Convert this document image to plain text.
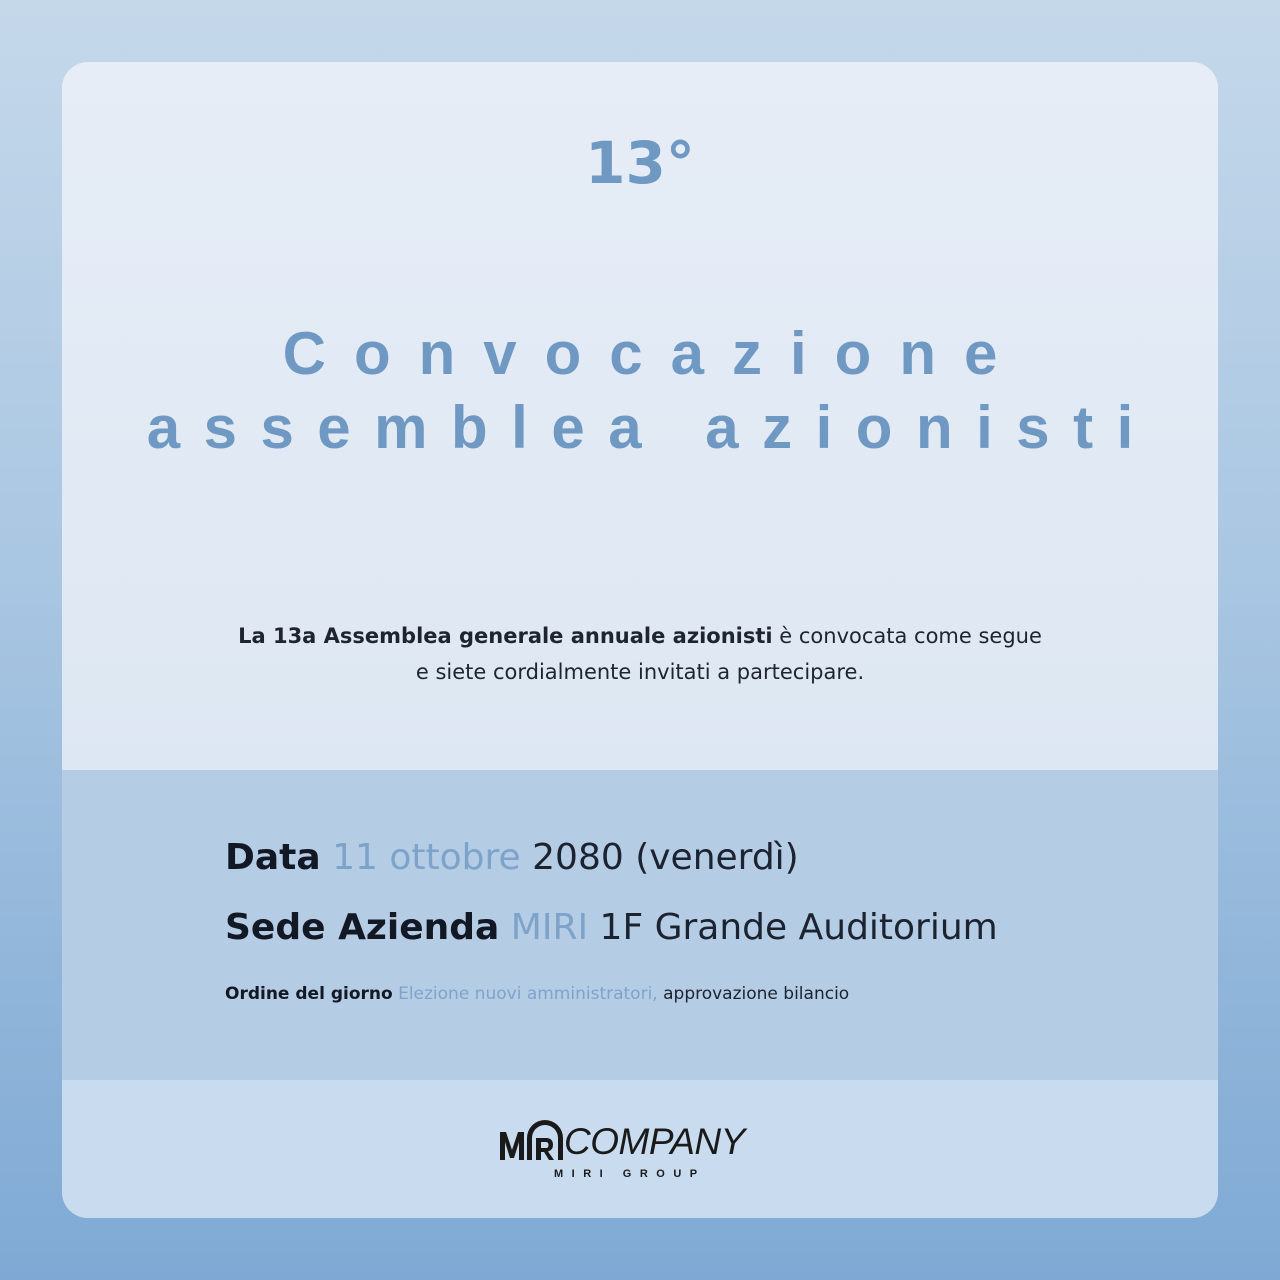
13°
Convocazione
assemblea azionisti
La 13a Assemblea generale annuale azionisti è convocata come segue
e siete cordialmente invitati a partecipare.
Data 11 ottobre 2080 (venerdì)
Sede Azienda MIRI 1F Grande Auditorium
Ordine del giorno Elezione nuovi amministratori, approvazione bilancio
COMPANY
MIRI GROUP
